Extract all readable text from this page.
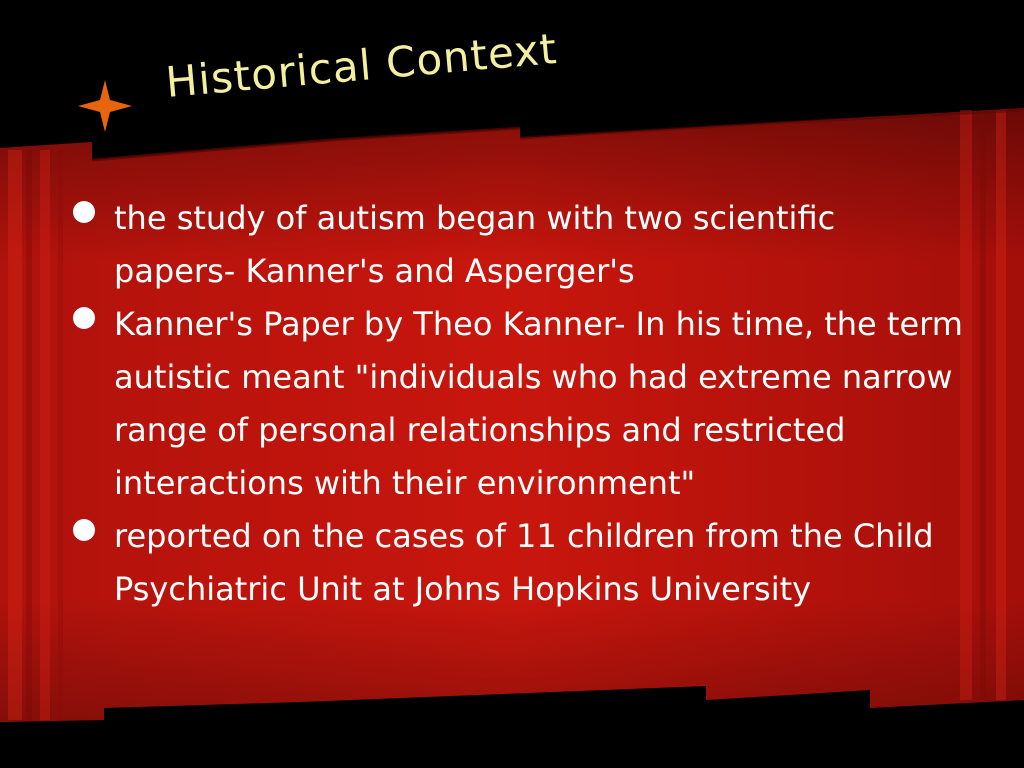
Historical Context
the study of autism began with two scientific papers- Kanner's and Asperger's
Kanner's Paper by Theo Kanner- In his time, the term autistic meant "individuals who had extreme narrow range of personal relationships and restricted interactions with their environment"
reported on the cases of 11 children from the Child Psychiatric Unit at Johns Hopkins University
